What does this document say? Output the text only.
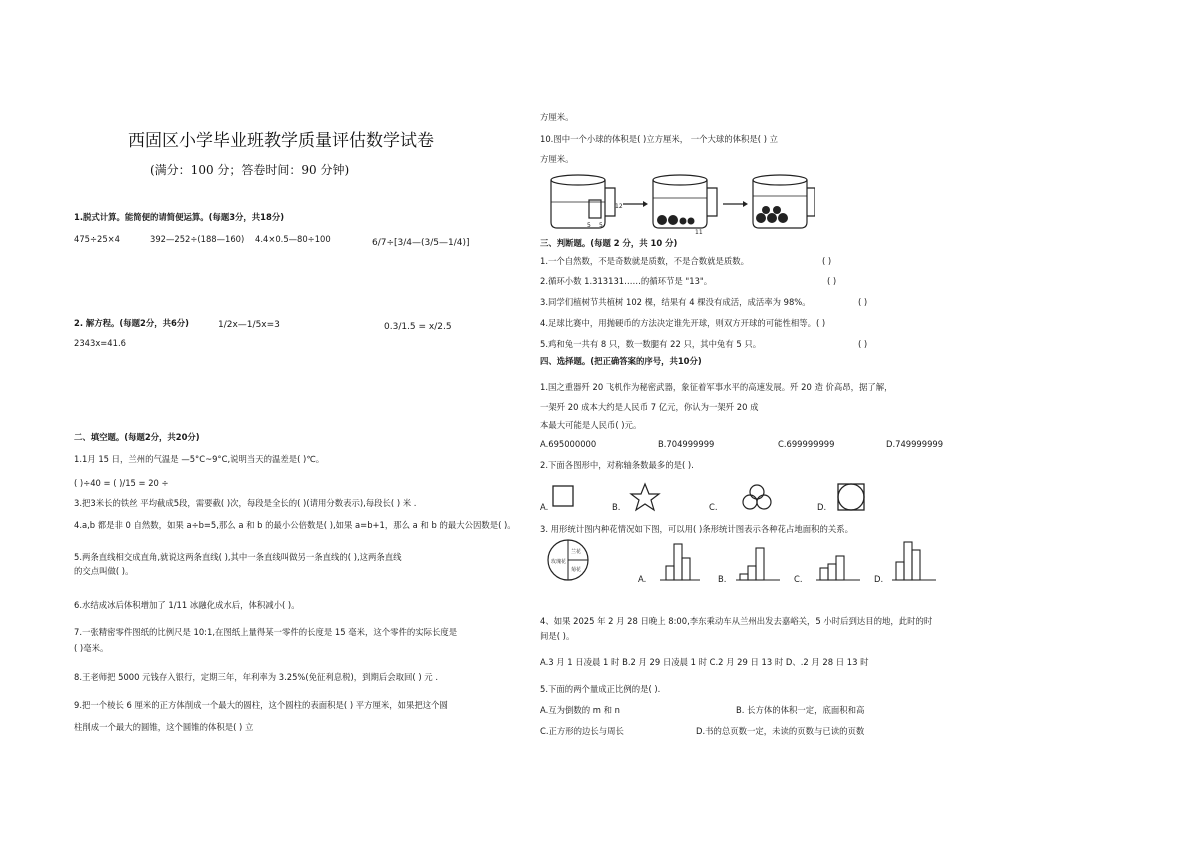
西固区小学毕业班教学质量评估数学试卷
(满分：100 分；答卷时间：90 分钟)
1.脱式计算。能简便的请简便运算。(每题3分，共18分)
475÷25×4	392—252÷(188—160) 4.4×0.5—80÷100	6/7÷[3/4—(3/5—1/4)]
2. 解方程。(每题2分，共6分)	1/2x—1/5x=3	0.3/1.5 = x/2.5
2343x=41.6
二、填空题。(每题2分，共20分)
1.1月 15 日，兰州的气温是 —5°C~9°C,说明当天的温差是( )℃。
( )÷40 = ( )/15 = 20 ÷
3.把3米长的铁丝 平均截成5段，需要截( )次，每段是全长的( )(请用分数表示),每段长( ) 米 .
4.a,b 都是非 0 自然数，如果 a÷b=5,那么 a 和 b 的最小公倍数是( ),如果 a=b+1，那么 a 和 b 的最大公因数是( )。
5.两条直线相交成直角,就说这两条直线( ),其中一条直线叫做另一条直线的( ),这两条直线
的交点叫做( )。
6.水结成冰后体积增加了 1/11 冰融化成水后，体积减小( )。
7.一张精密零件图纸的比例尺是 10:1,在图纸上量得某一零件的长度是 15 毫米，这个零件的实际长度是
( )毫米。
8.王老师把 5000 元钱存入银行，定期三年，年利率为 3.25%(免征利息税)，到期后会取回( ) 元 .
9.把一个棱长 6 厘米的正方体削成一个最大的圆柱，这个圆柱的表面积是( ) 平方厘米，如果把这个圆
柱削成一个最大的圆锥，这个圆锥的体积是( ) 立
方厘米。
10.图中一个小球的体积是( )立方厘米， 一个大球的体积是( ) 立
方厘米。
12
5 5
11
三、判断题。(每题 2 分，共 10 分)
1.一个自然数，不是奇数就是质数，不是合数就是质数。	( )
2.循环小数 1.313131……的循环节是 "13"。	( )
3.同学们植树节共植树 102 棵，结果有 4 棵没有成活，成活率为 98%。	( )
4.足球比赛中，用抛硬币的方法决定谁先开球，则双方开球的可能性相等。( )
5.鸡和兔一共有 8 只，数一数腿有 22 只，其中兔有 5 只。	( )
四、选择题。(把正确答案的序号，共10分)
1.国之重器歼 20 飞机作为秘密武器，象征着军事水平的高速发展。歼 20 造 价高昂，据了解，
一架歼 20 成本大约是人民币 7 亿元，你认为一架歼 20 成
本最大可能是人民币( )元。
A.695000000	B.704999999	C.699999999	D.749999999
2.下面各图形中，对称轴条数最多的是( ).
A.	B.	C.	D.
3. 用形统计图内种花情况如下图，可以用( )条形统计图表示各种花占地面积的关系。
玫瑰花
兰花
菊花
A.	B.	C.	D.
4、如果 2025 年 2 月 28 日晚上 8:00,李东乘动车从兰州出发去嘉峪关，5 小时后到达目的地，此时的时
间是( )。
A.3 月 1 日凌晨 1 时 B.2 月 29 日凌晨 1 时 C.2 月 29 日 13 时 D、.2 月 28 日 13 时
5.下面的两个量成正比例的是( ).
A.互为倒数的 m 和 n	B. 长方体的体积一定，底面积和高
C.正方形的边长与周长	D.书的总页数一定，未读的页数与已读的页数
